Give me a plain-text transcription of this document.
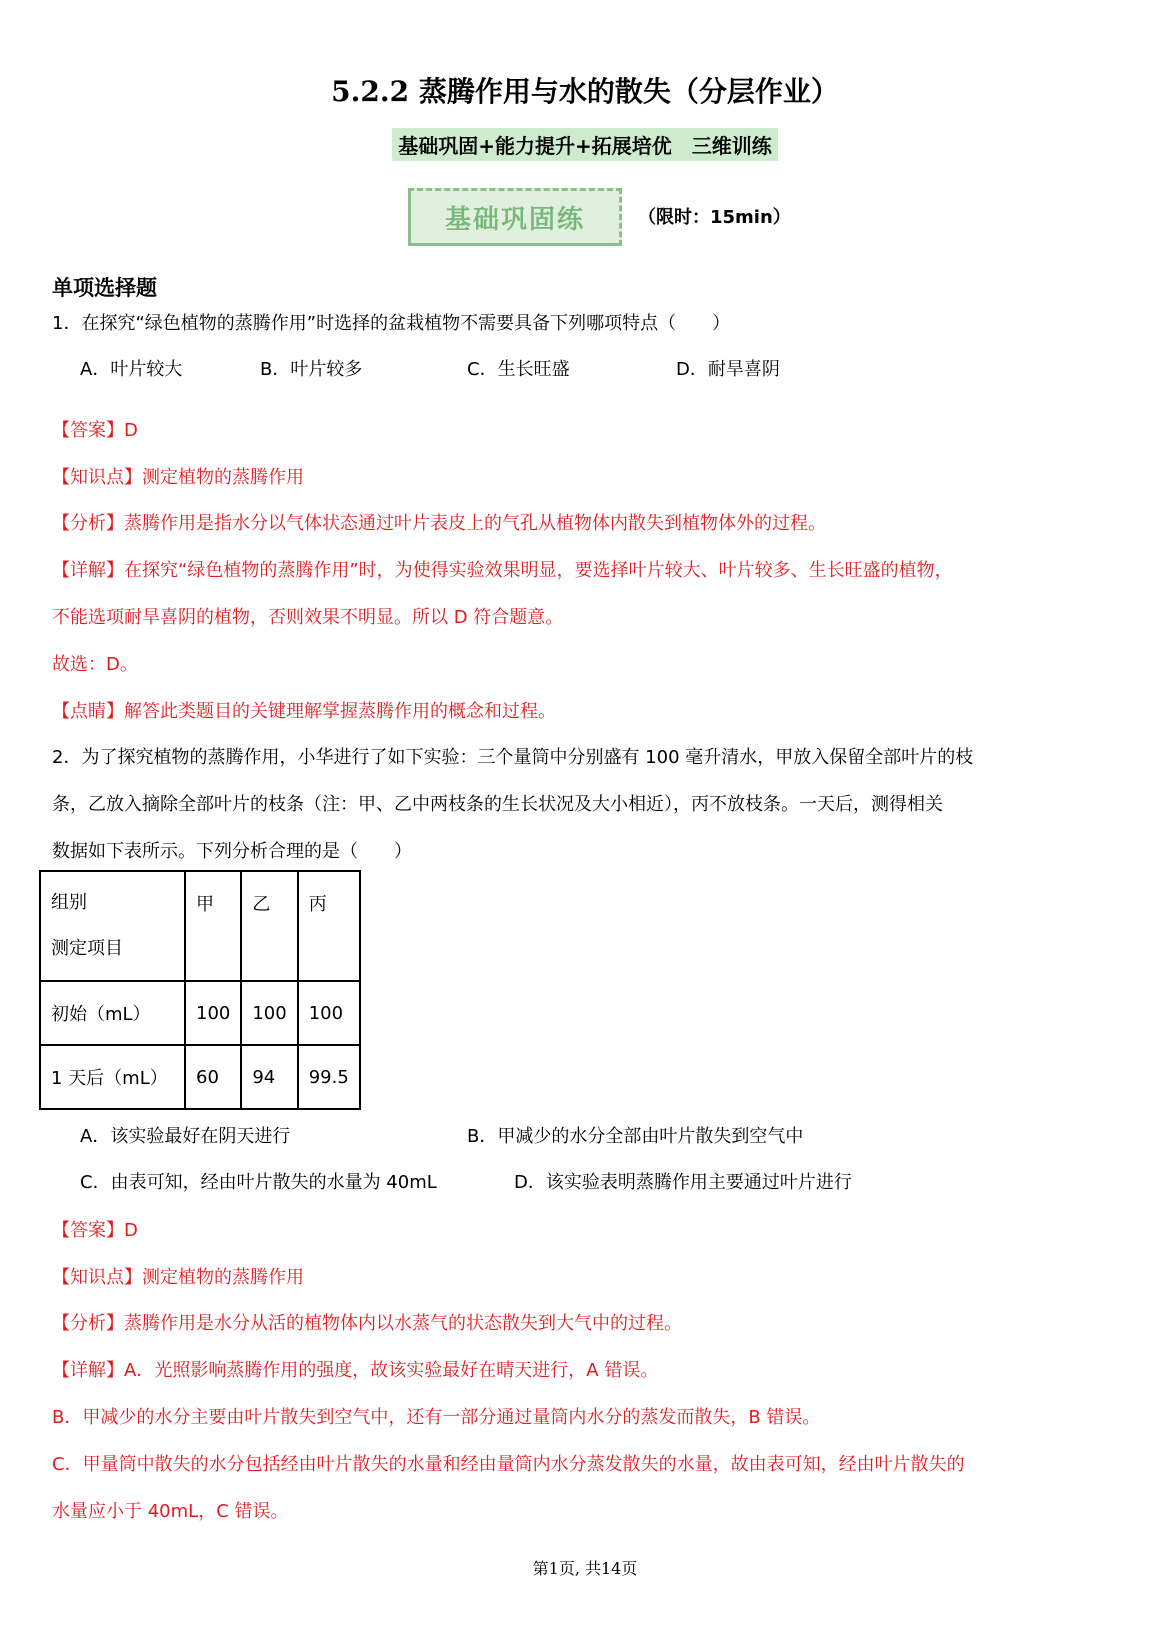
5.2.2 蒸腾作用与水的散失（分层作业）
基础巩固+能力提升+拓展培优　三维训练
基础巩固练	（限时：15min）
单项选择题
1．在探究“绿色植物的蒸腾作用”时选择的盆栽植物不需要具备下列哪项特点（　　）
A．叶片较大	B．叶片较多	C．生长旺盛	D．耐旱喜阴
【答案】D
【知识点】测定植物的蒸腾作用
【分析】蒸腾作用是指水分以气体状态通过叶片表皮上的气孔从植物体内散失到植物体外的过程。
【详解】在探究“绿色植物的蒸腾作用”时，为使得实验效果明显，要选择叶片较大、叶片较多、生长旺盛的植物，
不能选项耐旱喜阴的植物，否则效果不明显。所以 D 符合题意。
故选：D。
【点睛】解答此类题目的关键理解掌握蒸腾作用的概念和过程。
2．为了探究植物的蒸腾作用，小华进行了如下实验：三个量筒中分别盛有 100 毫升清水，甲放入保留全部叶片的枝
条，乙放入摘除全部叶片的枝条（注：甲、乙中两枝条的生长状况及大小相近），丙不放枝条。一天后，测得相关
数据如下表所示。下列分析合理的是（　　）
组别
测定项目	甲	乙	丙
初始（mL）	100	100	100
1 天后（mL）	60	94	99.5
A．该实验最好在阴天进行	B．甲减少的水分全部由叶片散失到空气中
C．由表可知，经由叶片散失的水量为 40mL	D．该实验表明蒸腾作用主要通过叶片进行
【答案】D
【知识点】测定植物的蒸腾作用
【分析】蒸腾作用是水分从活的植物体内以水蒸气的状态散失到大气中的过程。
【详解】A．光照影响蒸腾作用的强度，故该实验最好在晴天进行，A 错误。
B．甲减少的水分主要由叶片散失到空气中，还有一部分通过量筒内水分的蒸发而散失，B 错误。
C．甲量筒中散失的水分包括经由叶片散失的水量和经由量筒内水分蒸发散失的水量，故由表可知，经由叶片散失的
水量应小于 40mL，C 错误。
第1页, 共14页
